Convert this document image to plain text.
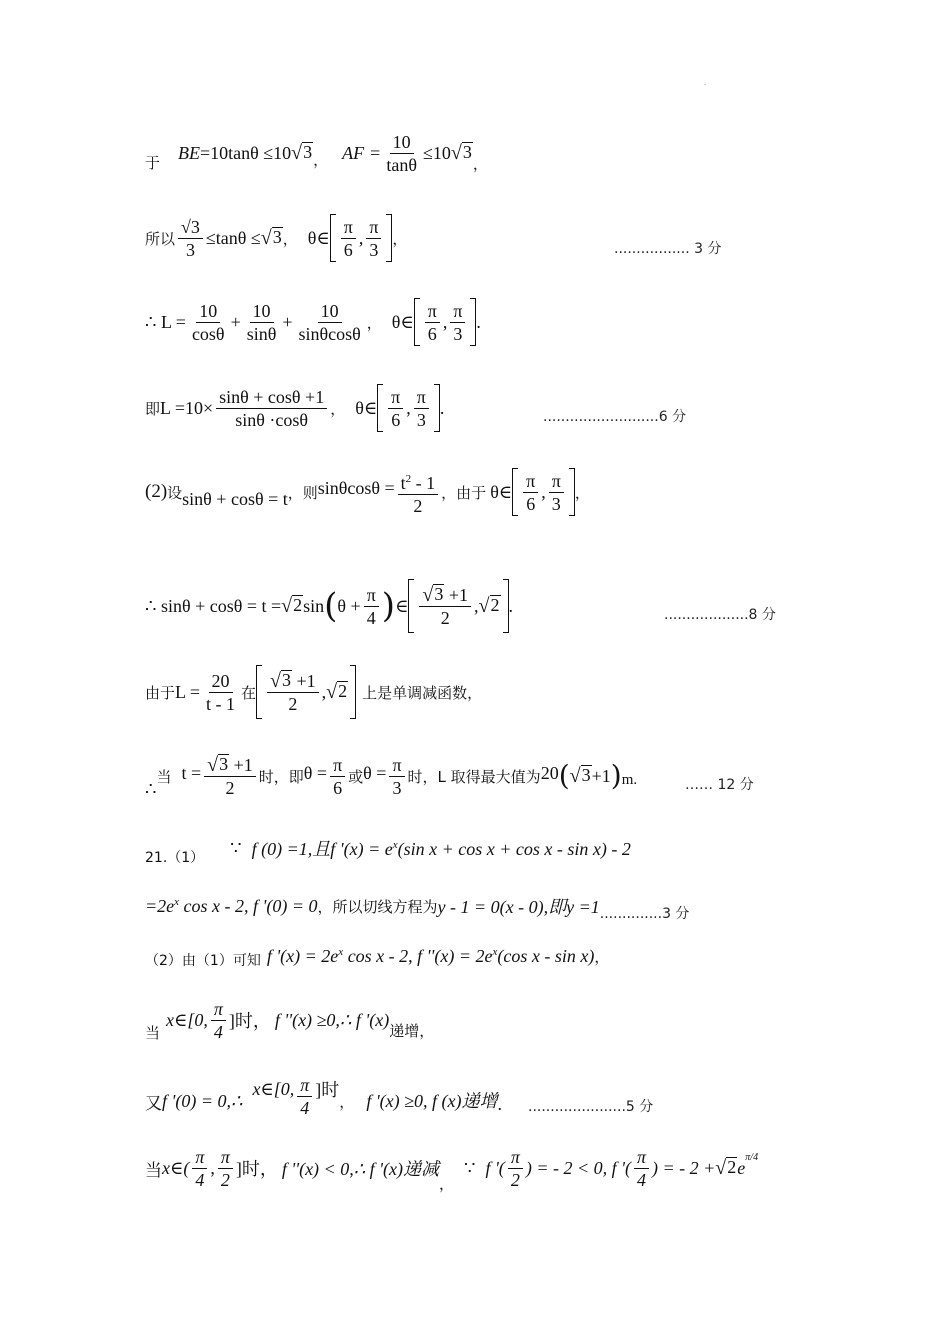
.
于 BE =10tanθ ≤10 √ 3 ， AF = $\frac{10}{\tan\theta} \le 10$ √ 3
，
所以 $\frac{√3}{3} \le\tan\theta$ ≤ √ 3 ， θ∈ $\frac{\pi}{6}$ , $\frac{\pi}{3}$ ，
................. 3 分
∴ $L = \frac{10}{\cos\theta} + \frac{10}{\sin\theta} + \frac{10}{\sin\theta\cos\theta}$ ， θ∈ $\frac{\pi}{6}$ , $\frac{\pi}{3}$ .
即 $L =10\times \frac{\sin\theta + \cos\theta +1}{\sin\theta \cdot\cos\theta}$ ， θ∈ $\frac{\pi}{6}$ , $\frac{\pi}{3}$ .	..........................6 分
(2) 设 sinθ + cosθ = t ，则 $\sin\theta\cos\theta = \frac{t^2 - 1}{2}$ ，由于 θ∈ $\frac{\pi}{6}$ , $\frac{\pi}{3}$ ，
∴ sinθ + cosθ = t = √ 2 sin ( $\theta + \frac{\pi}{4}$ ) ∈ $\frac{√ 3 +1}{2}$ , √ 2 .	...................8 分
由于 $L = \frac{20}{t - 1}$ 在 $\frac{√ 3 +1}{2}$ , √ 2 上是单调减函数，
∴
当 $t = \frac{√ 3 +1}{2}$ 时，即 $\theta = \frac{\pi}{6}$ 或 $\theta = \frac{\pi}{3}$ 时，L 取得最大值为 20 ( √ 3 +1 ) m.	…… 12 分
21.（1）
∵ f (0) =1,且f '$(x) = e^x(\sin$ x + cos x + cos x - sin x) - 2
$=2e^x$ cos x - 2, f '(0) = 0 ，所以切线方程为 y - 1 = 0(x - 0),即y =1 ..............3 分
（2）由（1）可知 f '$(x) = 2e^x$ cos x - 2, f ''$(x) = 2e^x(\cos$ x - sin x) ，
当
x∈[0, $\frac{\pi}{4}$ ]时， f ''(x) ≥0,∴ f '(x)
递增，
又 f '(0) = 0,∴
x∈[0, $\frac{\pi}{4}$ ]时
， f '(x) ≥0, f (x)递增 . ......................5 分
当 x∈( $\frac{\pi}{4}$ , $\frac{\pi}{2}$ ]时， f ''(x) < 0,∴ f '(x)递减
，
∵ f '( $\frac{\pi}{2}$ ) = - 2 < 0, f '( $\frac{\pi}{4}$ ) = - 2 + √ 2 e
$^{\pi/4}$
